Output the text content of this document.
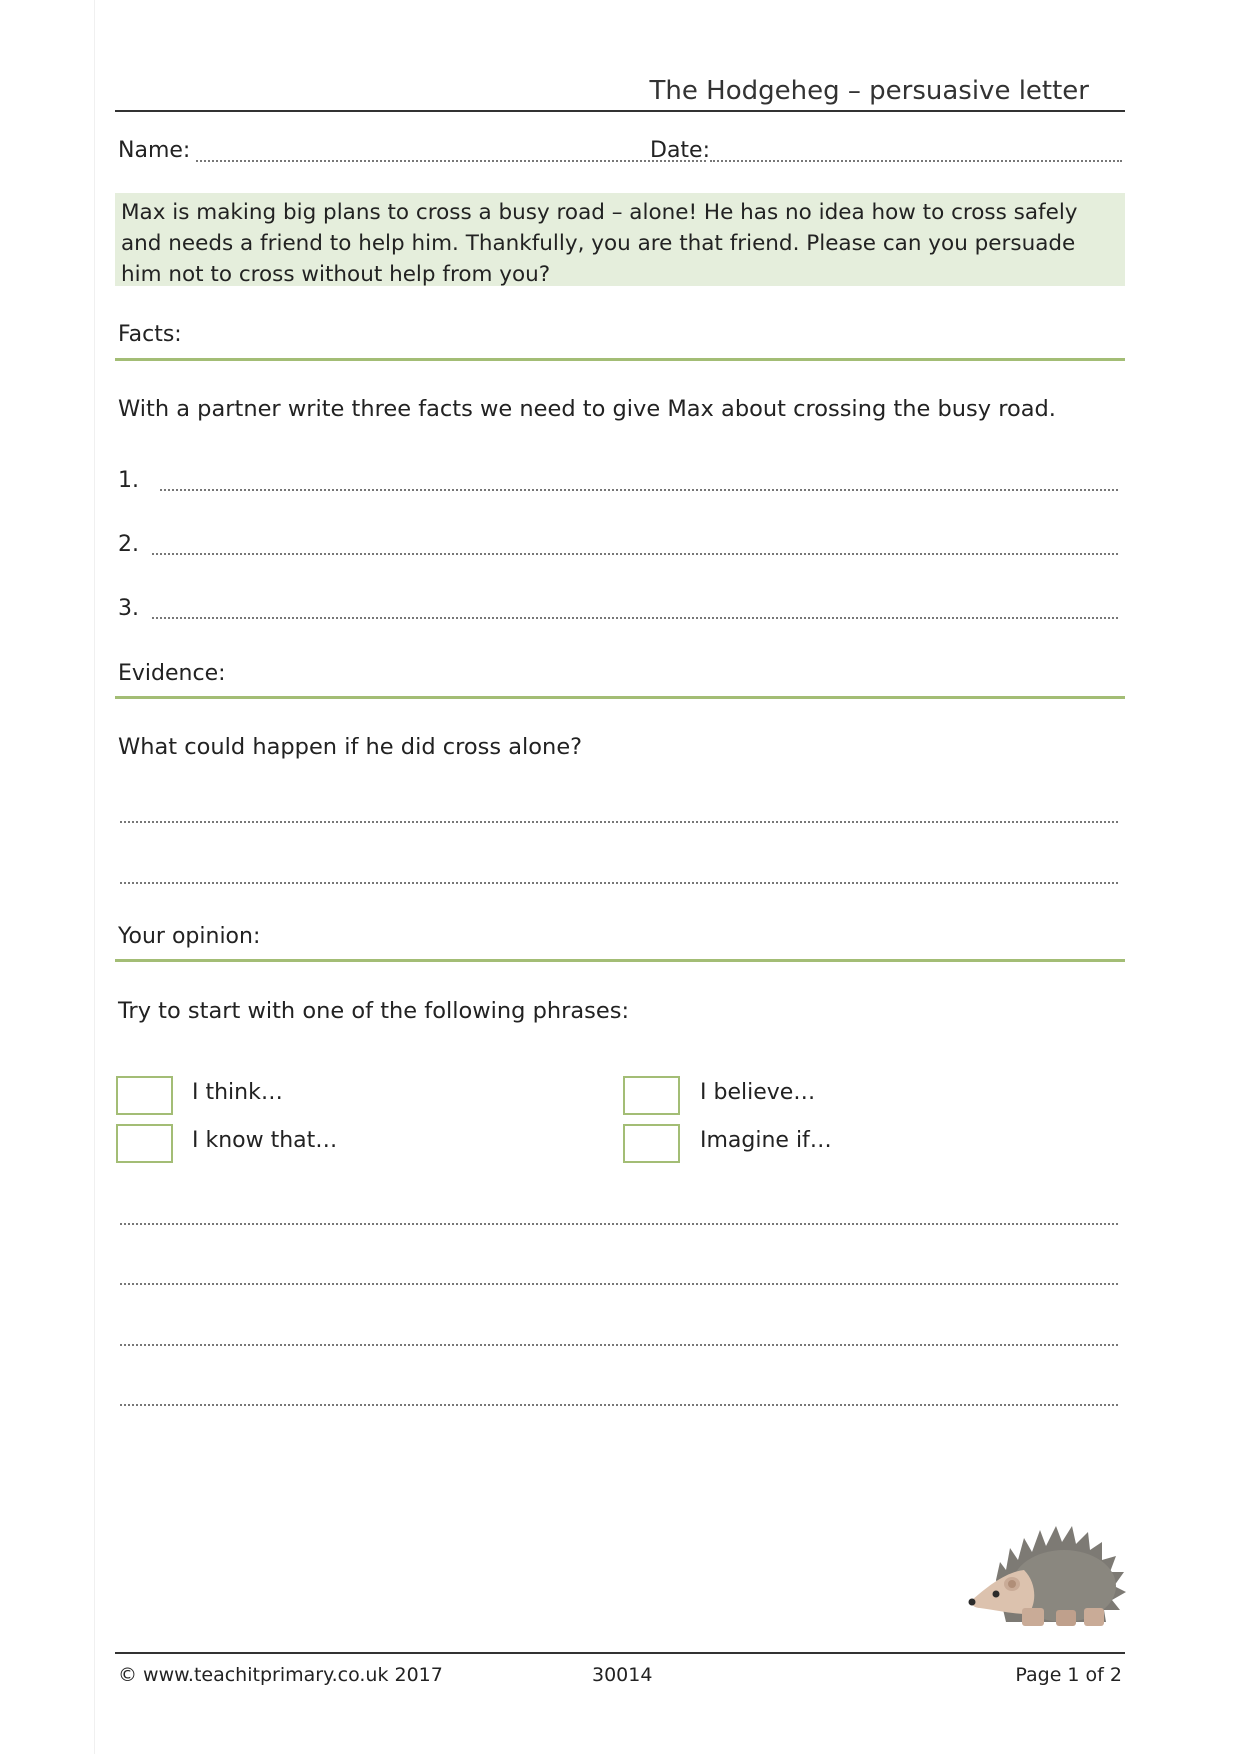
The Hodgeheg – persuasive letter
Name:	Date:

Max is making big plans to cross a busy road – alone! He has no idea how to cross safely and needs a friend to help him. Thankfully, you are that friend. Please can you persuade him not to cross without help from you?

Facts:
With a partner write three facts we need to give Max about crossing the busy road.
1.
2.
3.
Evidence:
What could happen if he did cross alone?
Your opinion:
Try to start with one of the following phrases:
I think…	I believe…
I know that…	Imagine if…
© www.teachitprimary.co.uk 2017	30014	Page 1 of 2
